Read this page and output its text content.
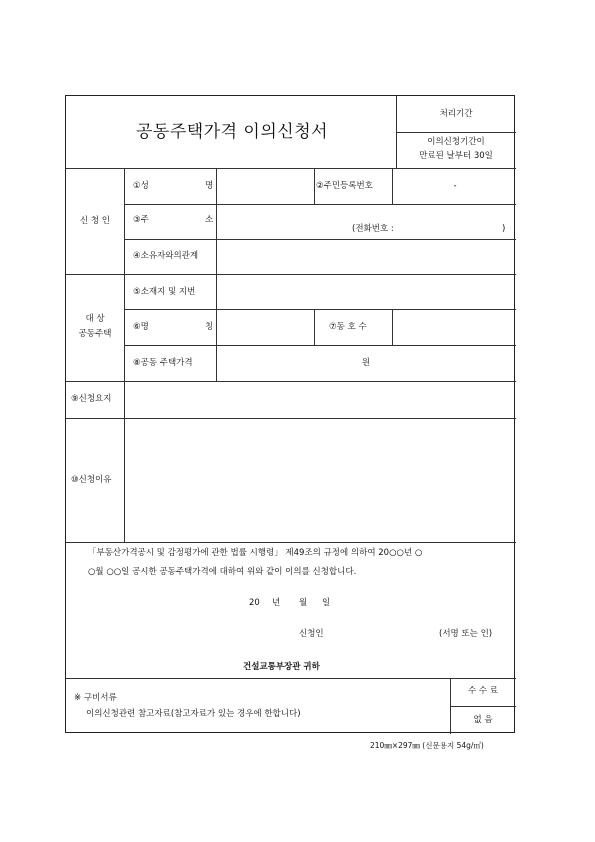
공동주택가격 이의신청서
처리기간
이의신청기간이
만료된 날부터 30일
신 청 인
①성	명	②주민등록번호	-
③주	소
(전화번호 :	)
④소유자와의관계
대 상
공동주택
⑤소재지 및 지번
⑥명	칭	⑦동 호 수
⑧공동 주택가격	원
⑨신청요지
⑩신청이유
「부동산가격공시 및 감정평가에 관한 법률 시행령」 제49조의 규정에 의하여 20○○년 ○
○월 ○○일 공시한 공동주택가격에 대하여 위와 같이 이의를 신청합니다.
20 년 월 일
신청인	(서명 또는 인)
건설교통부장관 귀하
※ 구비서류
이의신청관련 참고자료(참고자료가 있는 경우에 한합니다)
수 수 료
없 음
210㎜×297㎜ (신문용지 54g/㎡)
